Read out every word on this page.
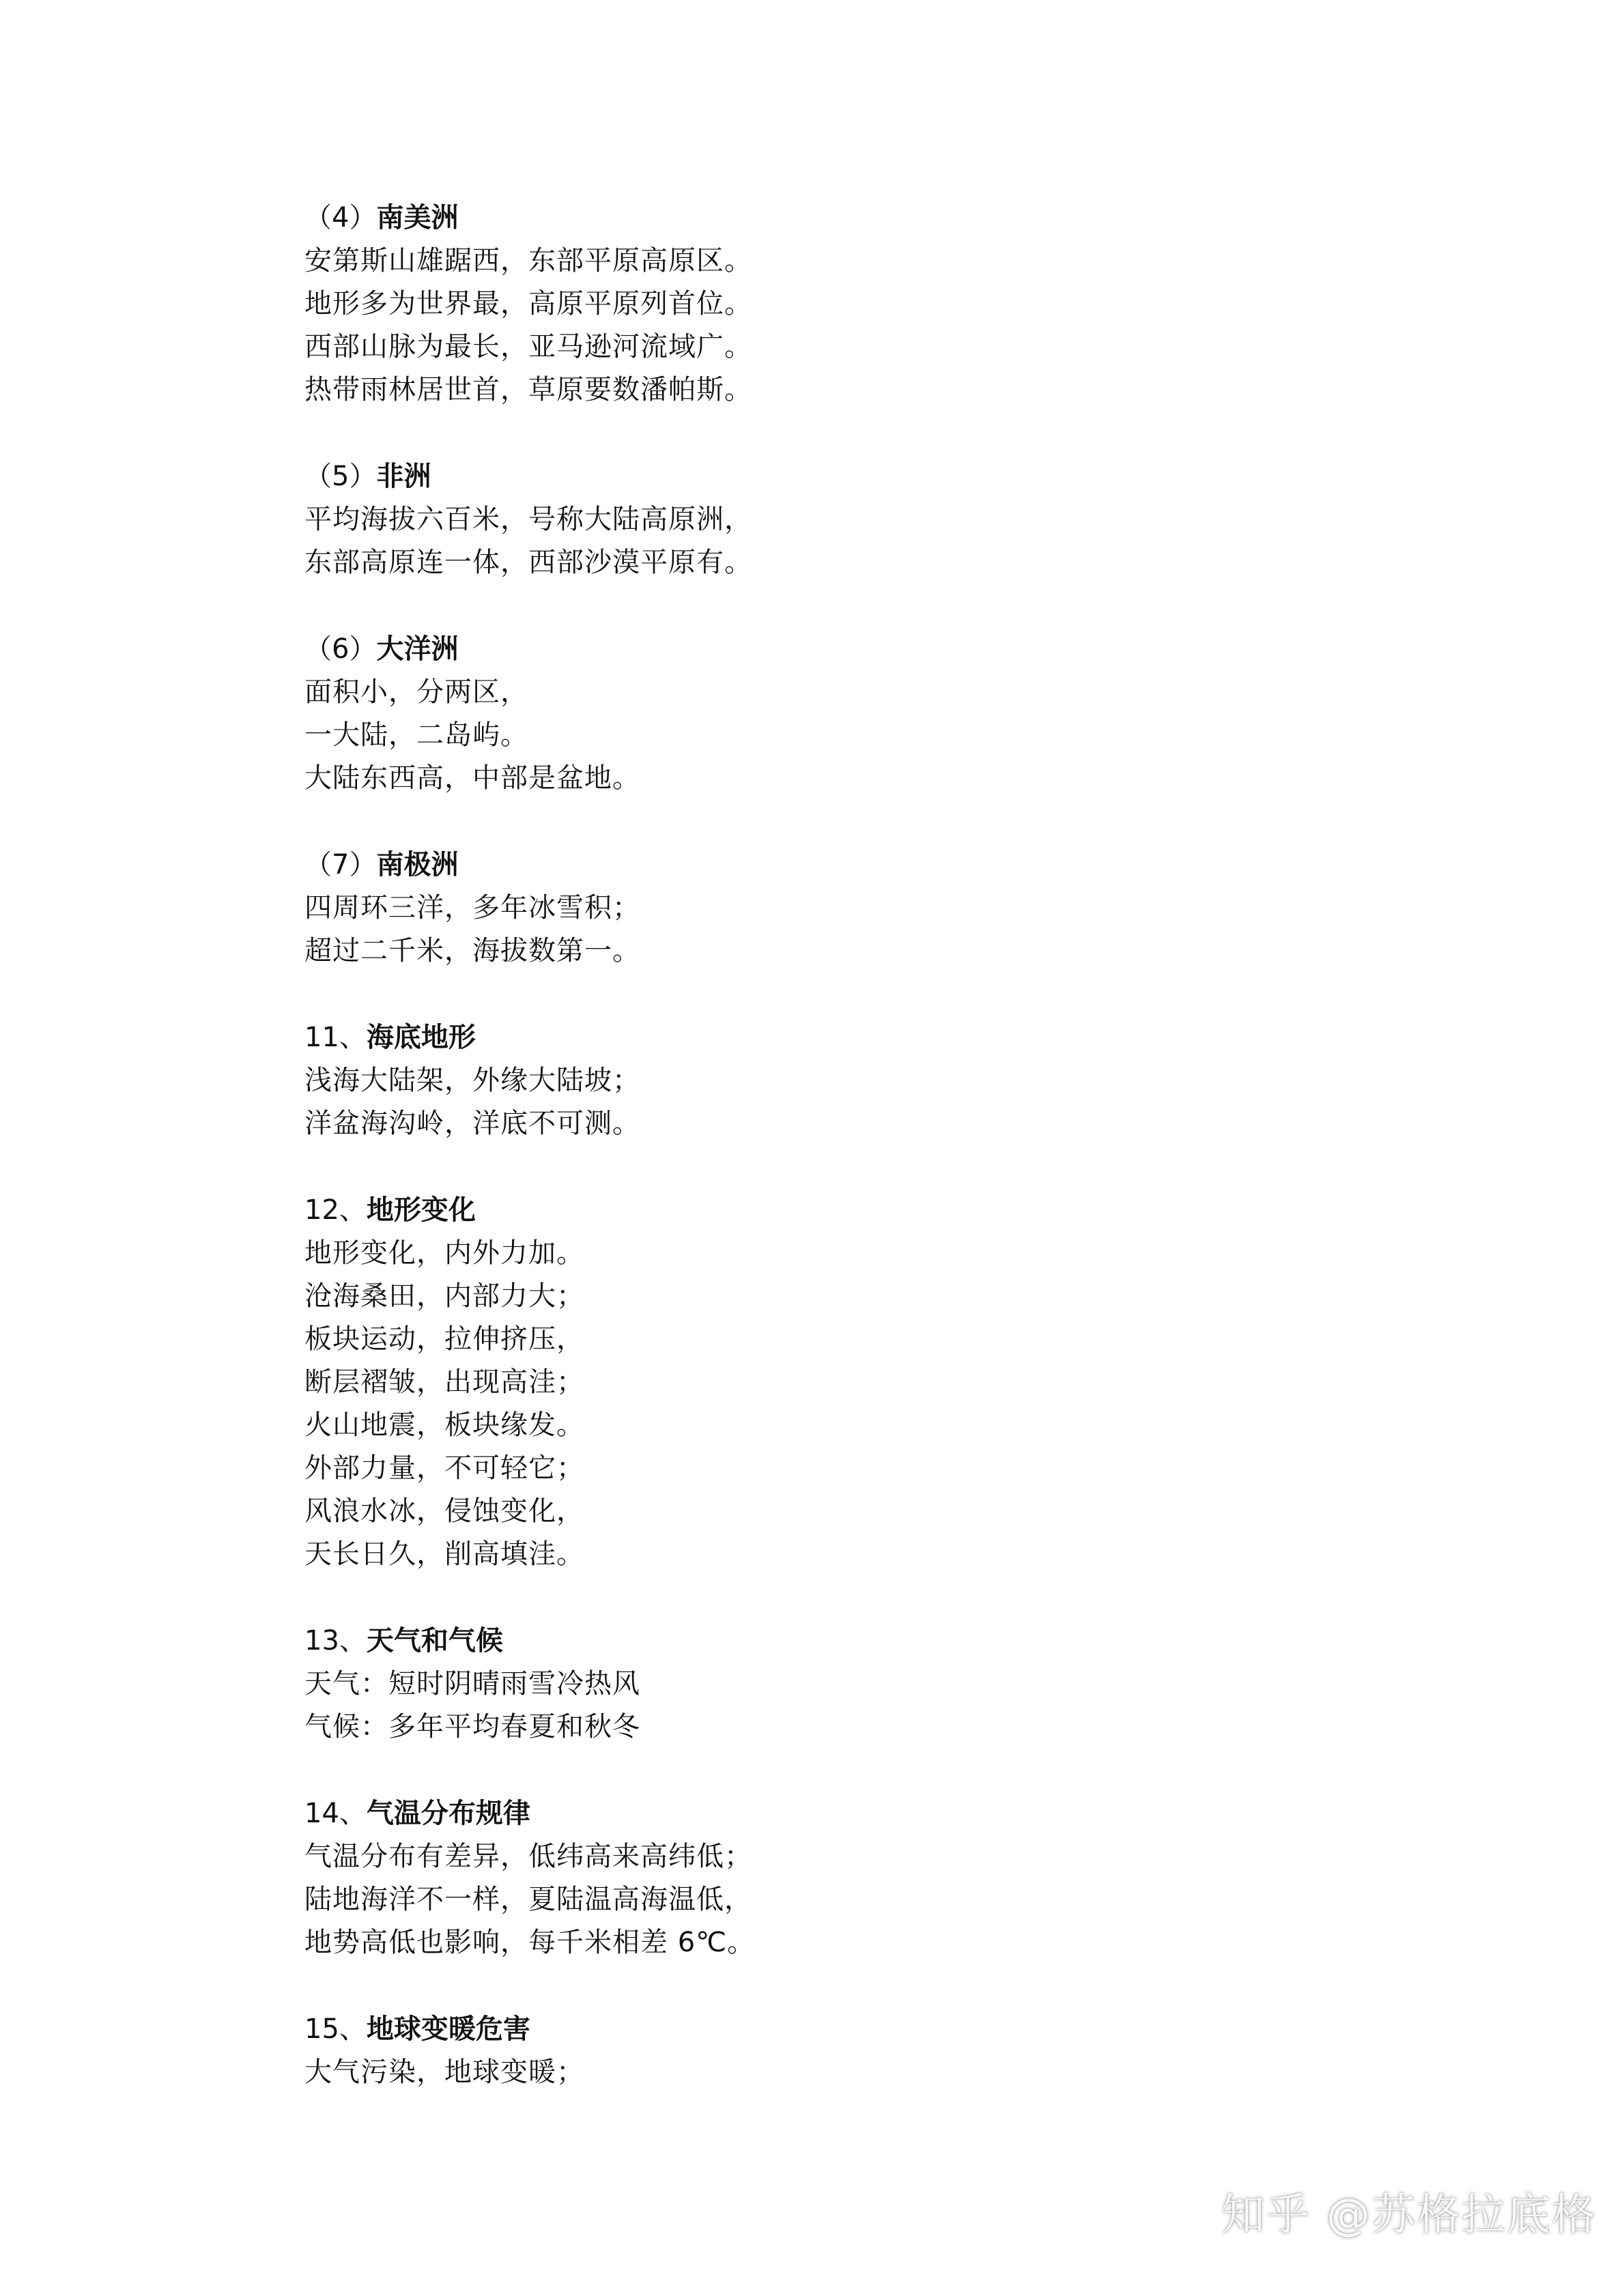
（4）南美洲
安第斯山雄踞西，东部平原高原区。
地形多为世界最，高原平原列首位。
西部山脉为最长，亚马逊河流域广。
热带雨林居世首，草原要数潘帕斯。
（5）非洲
平均海拔六百米，号称大陆高原洲，
东部高原连一体，西部沙漠平原有。
（6）大洋洲
面积小，分两区，
一大陆，二岛屿。
大陆东西高，中部是盆地。
（7）南极洲
四周环三洋，多年冰雪积；
超过二千米，海拔数第一。
11、海底地形
浅海大陆架，外缘大陆坡；
洋盆海沟岭，洋底不可测。
12、地形变化
地形变化，内外力加。
沧海桑田，内部力大；
板块运动，拉伸挤压，
断层褶皱，出现高洼；
火山地震，板块缘发。
外部力量，不可轻它；
风浪水冰，侵蚀变化，
天长日久，削高填洼。
13、天气和气候
天气：短时阴晴雨雪冷热风
气候：多年平均春夏和秋冬
14、气温分布规律
气温分布有差异，低纬高来高纬低；
陆地海洋不一样，夏陆温高海温低，
地势高低也影响，每千米相差 6℃。
15、地球变暖危害
大气污染，地球变暖；
知乎 @苏格拉底格
